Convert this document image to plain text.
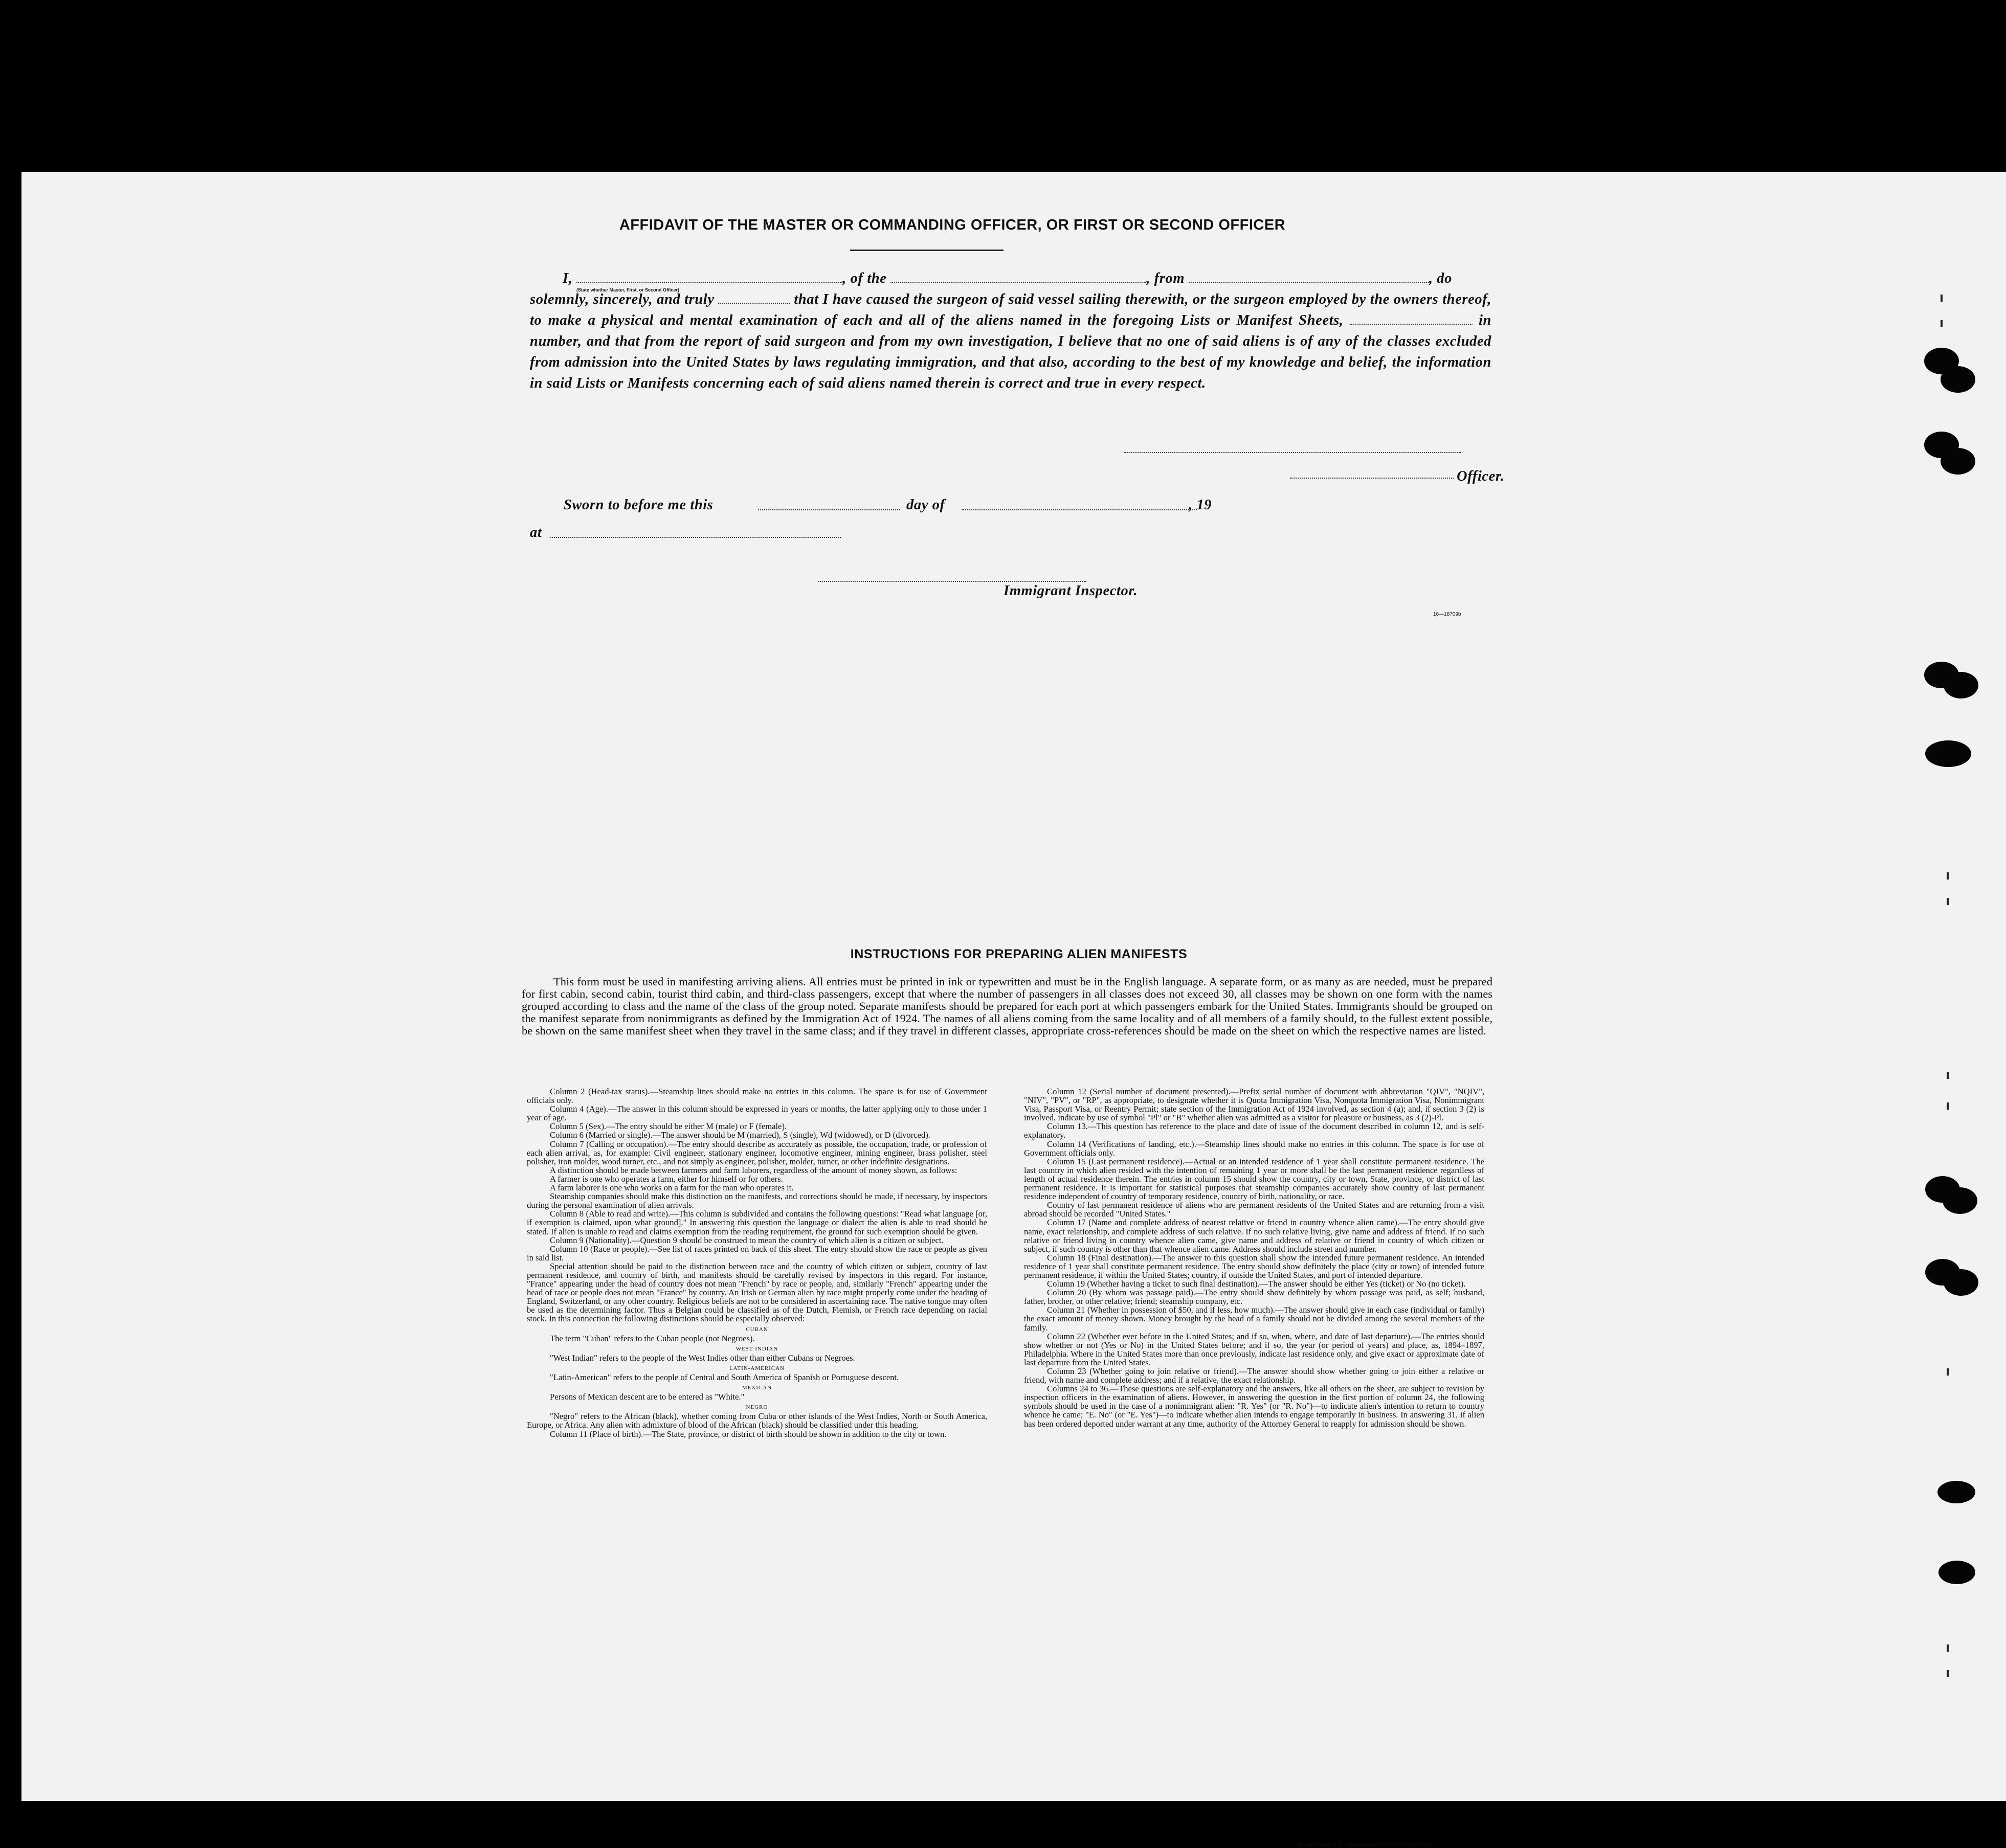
AFFIDAVIT OF THE MASTER OR COMMANDING OFFICER, OR FIRST OR SECOND OFFICER

I,	, of the	, from	, do

solemnly, sincerely, and truly	that I have caused the surgeon of said vessel sailing therewith, or the surgeon employed by the owners thereof, to make a physical and mental examination of each and all of the aliens named in the foregoing Lists or Manifest Sheets,	in number, and that from the report of said surgeon and from my own investigation, I believe that no one of said aliens is of any of the classes excluded from admission into the United States by laws regulating immigration, and that also, according to the best of my knowledge and belief, the information in said Lists or Manifests concerning each of said aliens named therein is correct and true in every respect.

(State whether Master, First, or Second Officer)
Officer.
Sworn to before me this	day of	, 19
at
Immigrant Inspector.
16—18709b
INSTRUCTIONS FOR PREPARING ALIEN MANIFESTS

This form must be used in manifesting arriving aliens. All entries must be printed in ink or typewritten and must be in the English language. A separate form, or as many as are needed, must be prepared for first cabin, second cabin, tourist third cabin, and third-class passengers, except that where the number of passengers in all classes does not exceed 30, all classes may be shown on one form with the names grouped according to class and the name of the class of the group noted. Separate manifests should be prepared for each port at which passengers embark for the United States. Immigrants should be grouped on the manifest separate from nonimmigrants as defined by the Immigration Act of 1924. The names of all aliens coming from the same locality and of all members of a family should, to the fullest extent possible, be shown on the same manifest sheet when they travel in the same class; and if they travel in different classes, appropriate cross-references should be made on the sheet on which the respective names are listed.

Column 2 (Head-tax status).—Steamship lines should make no entries in this column. The space is for use of Government officials only.

Column 4 (Age).—The answer in this column should be expressed in years or months, the latter applying only to those under 1 year of age.

Column 5 (Sex).—The entry should be either M (male) or F (female).

Column 6 (Married or single).—The answer should be M (married), S (single), Wd (widowed), or D (divorced).

Column 7 (Calling or occupation).—The entry should describe as accurately as possible, the occupation, trade, or profession of each alien arrival, as, for example: Civil engineer, stationary engineer, locomotive engineer, mining engineer, brass polisher, steel polisher, iron molder, wood turner, etc., and not simply as engineer, polisher, molder, turner, or other indefinite designations.

A distinction should be made between farmers and farm laborers, regardless of the amount of money shown, as follows:

A farmer is one who operates a farm, either for himself or for others.

A farm laborer is one who works on a farm for the man who operates it.

Steamship companies should make this distinction on the manifests, and corrections should be made, if necessary, by inspectors during the personal examination of alien arrivals.

Column 8 (Able to read and write).—This column is subdivided and contains the following questions: "Read what language [or, if exemption is claimed, upon what ground]." In answering this question the language or dialect the alien is able to read should be stated. If alien is unable to read and claims exemption from the reading requirement, the ground for such exemption should be given.

Column 9 (Nationality).—Question 9 should be construed to mean the country of which alien is a citizen or subject.

Column 10 (Race or people).—See list of races printed on back of this sheet. The entry should show the race or people as given in said list.

Special attention should be paid to the distinction between race and the country of which citizen or subject, country of last permanent residence, and country of birth, and manifests should be carefully revised by inspectors in this regard. For instance, "France" appearing under the head of country does not mean "French" by race or people, and, similarly "French" appearing under the head of race or people does not mean "France" by country. An Irish or German alien by race might properly come under the heading of England, Switzerland, or any other country. Religious beliefs are not to be considered in ascertaining race. The native tongue may often be used as the determining factor. Thus a Belgian could be classified as of the Dutch, Flemish, or French race depending on racial stock. In this connection the following distinctions should be especially observed:

CUBAN

The term "Cuban" refers to the Cuban people (not Negroes).

WEST INDIAN

"West Indian" refers to the people of the West Indies other than either Cubans or Negroes.

LATIN-AMERICAN

"Latin-American" refers to the people of Central and South America of Spanish or Portuguese descent.

MEXICAN

Persons of Mexican descent are to be entered as "White."

NEGRO

"Negro" refers to the African (black), whether coming from Cuba or other islands of the West Indies, North or South America, Europe, or Africa. Any alien with admixture of blood of the African (black) should be classified under this heading.

Column 11 (Place of birth).—The State, province, or district of birth should be shown in addition to the city or town.

Column 12 (Serial number of document presented).—Prefix serial number of document with abbreviation "QIV", "NQIV", "NIV", "PV", or "RP", as appropriate, to designate whether it is Quota Immigration Visa, Nonquota Immigration Visa, Nonimmigrant Visa, Passport Visa, or Reentry Permit; state section of the Immigration Act of 1924 involved, as section 4 (a); and, if section 3 (2) is involved, indicate by use of symbol "Pl" or "B" whether alien was admitted as a visitor for pleasure or business, as 3 (2)-Pl.

Column 13.—This question has reference to the place and date of issue of the document described in column 12, and is self-explanatory.

Column 14 (Verifications of landing, etc.).—Steamship lines should make no entries in this column. The space is for use of Government officials only.

Column 15 (Last permanent residence).—Actual or an intended residence of 1 year shall constitute permanent residence. The last country in which alien resided with the intention of remaining 1 year or more shall be the last permanent residence regardless of length of actual residence therein. The entries in column 15 should show the country, city or town, State, province, or district of last permanent residence. It is important for statistical purposes that steamship companies accurately show country of last permanent residence independent of country of temporary residence, country of birth, nationality, or race.

Country of last permanent residence of aliens who are permanent residents of the United States and are returning from a visit abroad should be recorded "United States."

Column 17 (Name and complete address of nearest relative or friend in country whence alien came).—The entry should give name, exact relationship, and complete address of such relative. If no such relative living, give name and address of friend. If no such relative or friend living in country whence alien came, give name and address of relative or friend in country of which citizen or subject, if such country is other than that whence alien came. Address should include street and number.

Column 18 (Final destination).—The answer to this question shall show the intended future permanent residence. An intended residence of 1 year shall constitute permanent residence. The entry should show definitely the place (city or town) of intended future permanent residence, if within the United States; country, if outside the United States, and port of intended departure.

Column 19 (Whether having a ticket to such final destination).—The answer should be either Yes (ticket) or No (no ticket).

Column 20 (By whom was passage paid).—The entry should show definitely by whom passage was paid, as self; husband, father, brother, or other relative; friend; steamship company, etc.

Column 21 (Whether in possession of $50, and if less, how much).—The answer should give in each case (individual or family) the exact amount of money shown. Money brought by the head of a family should not be divided among the several members of the family.

Column 22 (Whether ever before in the United States; and if so, when, where, and date of last departure).—The entries should show whether or not (Yes or No) in the United States before; and if so, the year (or period of years) and place, as, 1894–1897, Philadelphia. Where in the United States more than once previously, indicate last residence only, and give exact or approximate date of last departure from the United States.

Column 23 (Whether going to join relative or friend).—The answer should show whether going to join either a relative or friend, with name and complete address; and if a relative, the exact relationship.

Columns 24 to 36.—These questions are self-explanatory and the answers, like all others on the sheet, are subject to revision by inspection officers in the examination of aliens. However, in answering the question in the first portion of column 24, the following symbols should be used in the case of a nonimmigrant alien: "R. Yes" (or "R. No")—to indicate alien's intention to return to country whence he came; "E. No" (or "E. Yes")—to indicate whether alien intends to engage temporarily in business. In answering 31, if alien has been ordered deported under warrant at any time, authority of the Attorney General to reapply for admission should be shown.

16—18709b-2 U. S. GOVERNMENT PRINTING OFFICE
